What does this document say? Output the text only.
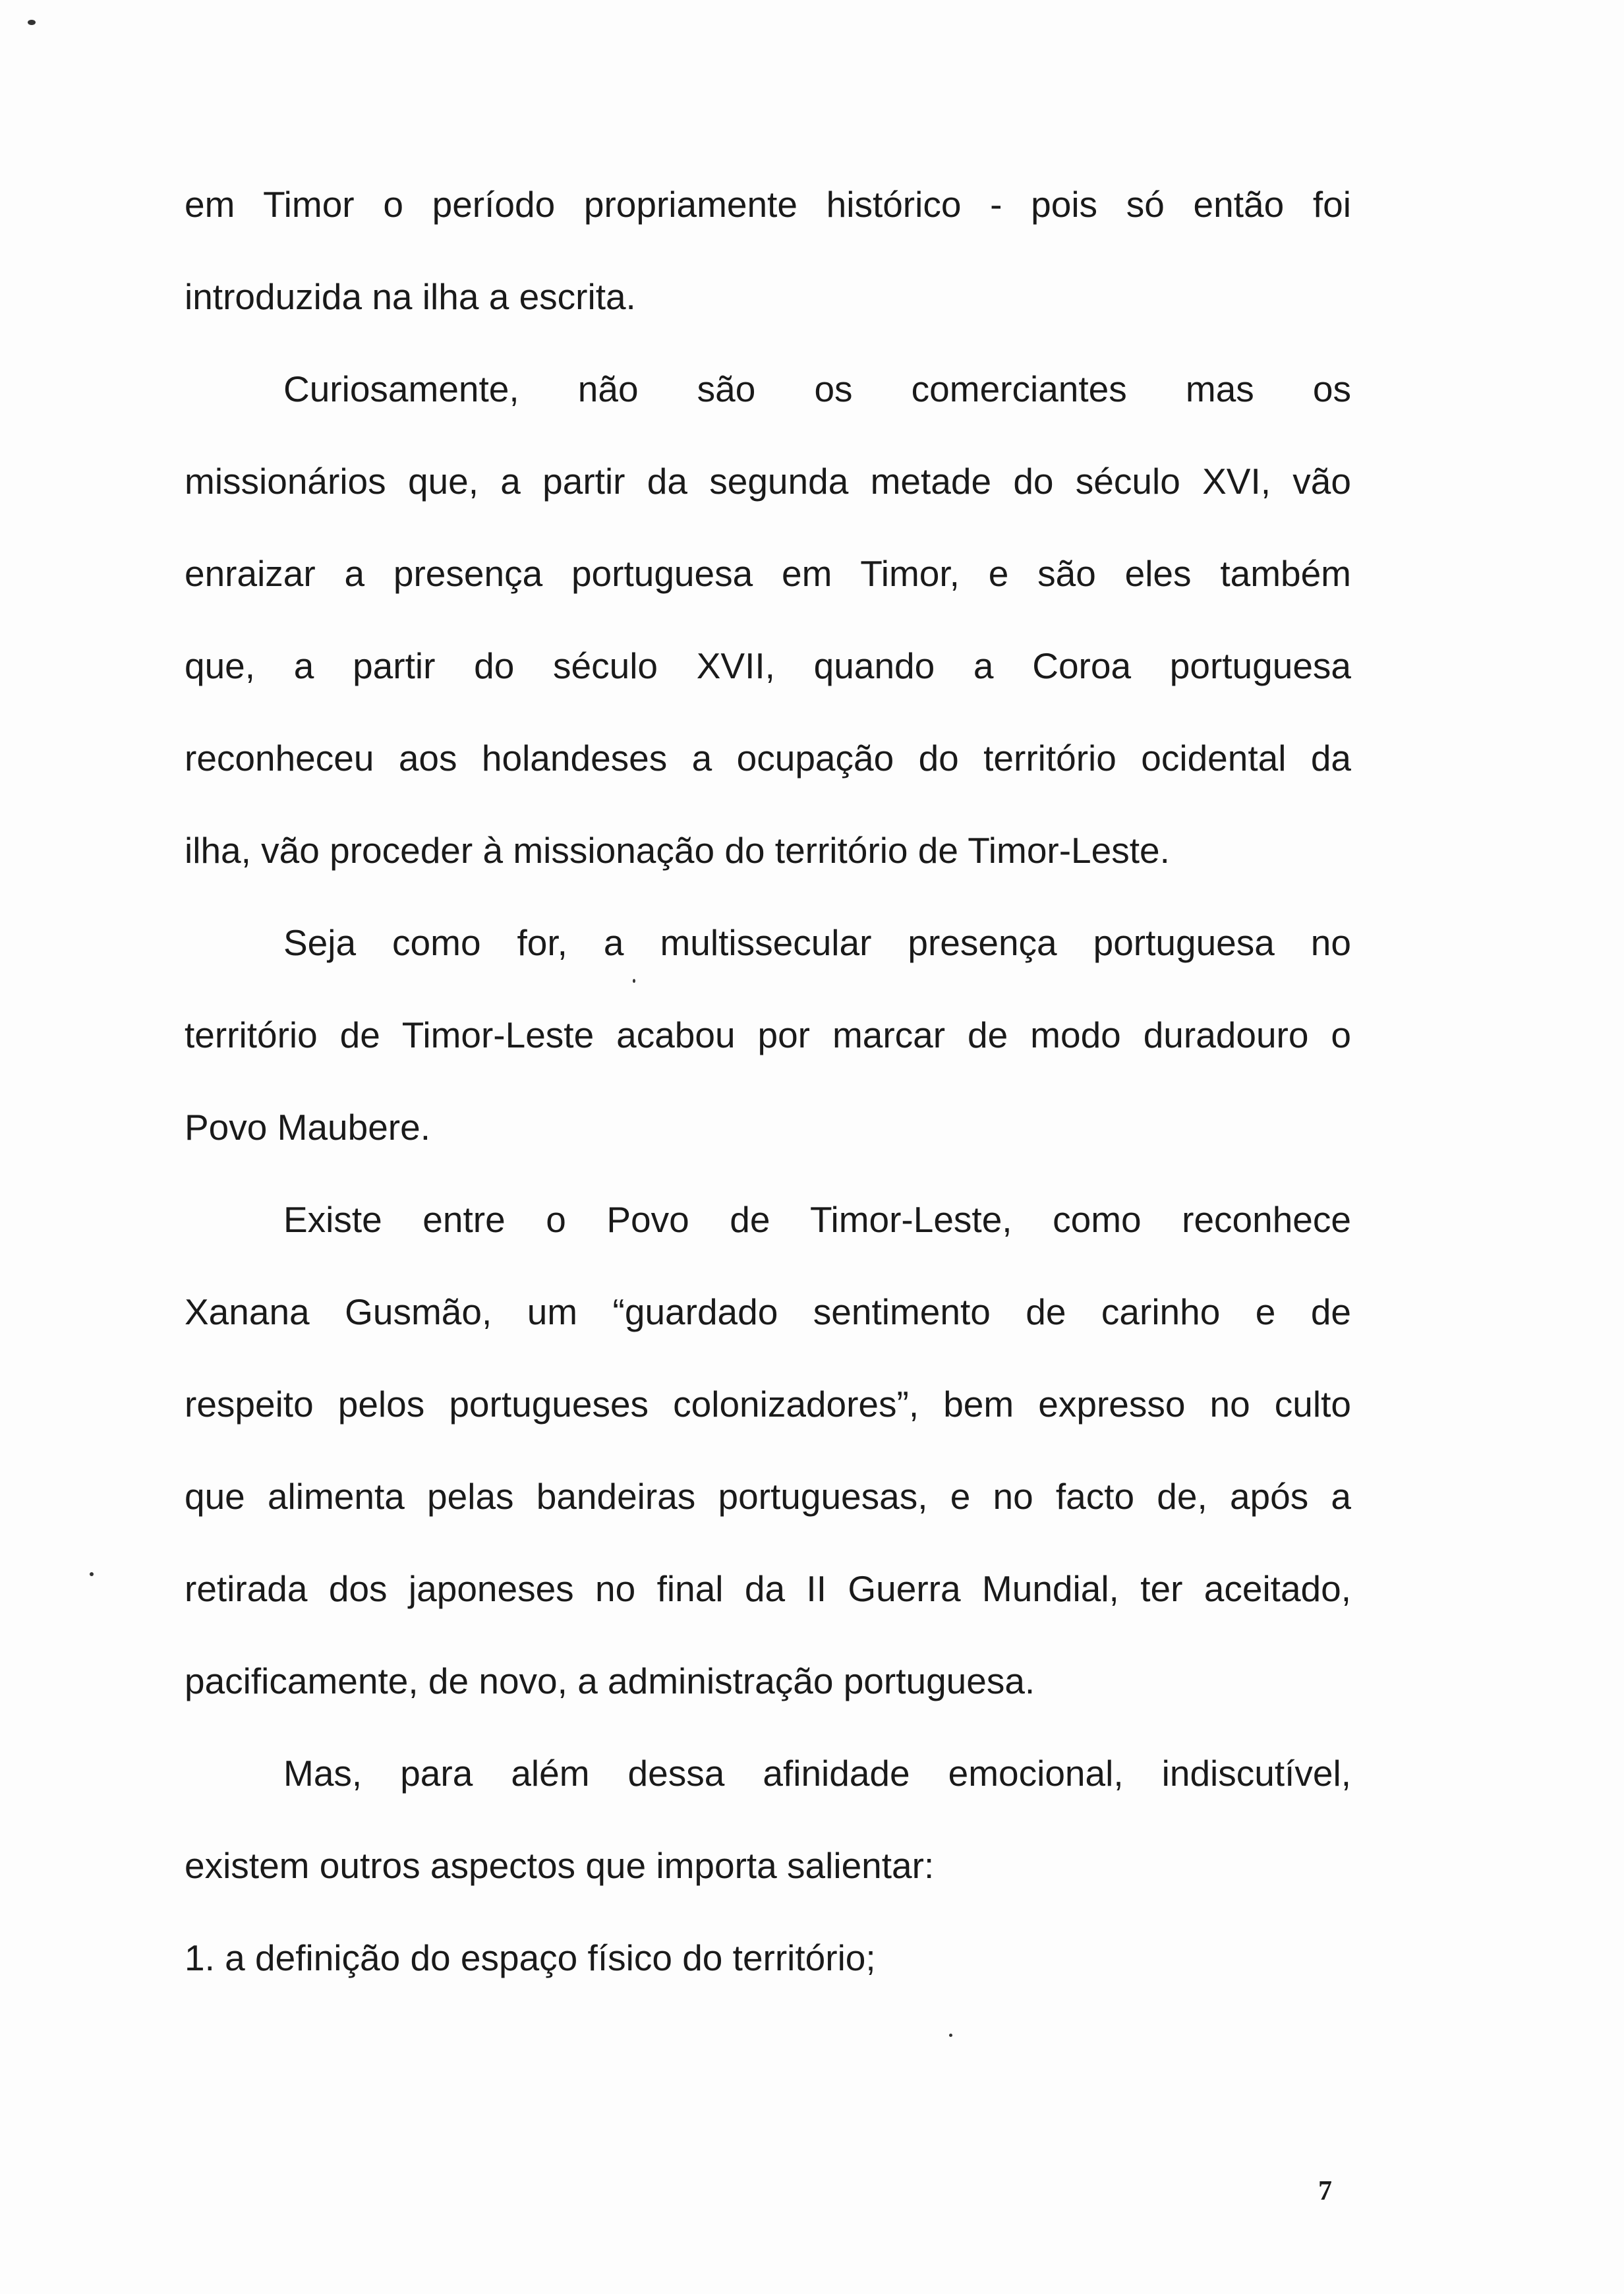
em Timor o período propriamente histórico - pois só então foi
introduzida na ilha a escrita.
Curiosamente, não são os comerciantes mas os
missionários que, a partir da segunda metade do século XVI, vão
enraizar a presença portuguesa em Timor, e são eles também
que, a partir do século XVII, quando a Coroa portuguesa
reconheceu aos holandeses a ocupação do território ocidental da
ilha, vão proceder à missionação do território de Timor-Leste.
Seja como for, a multissecular presença portuguesa no
território de Timor-Leste acabou por marcar de modo duradouro o
Povo Maubere.
Existe entre o Povo de Timor-Leste, como reconhece
Xanana Gusmão, um “guardado sentimento de carinho e de
respeito pelos portugueses colonizadores”, bem expresso no culto
que alimenta pelas bandeiras portuguesas, e no facto de, após a
retirada dos japoneses no final da II Guerra Mundial, ter aceitado,
pacificamente, de novo, a administração portuguesa.
Mas, para além dessa afinidade emocional, indiscutível,
existem outros aspectos que importa salientar:
1. a definição do espaço físico do território;
7
